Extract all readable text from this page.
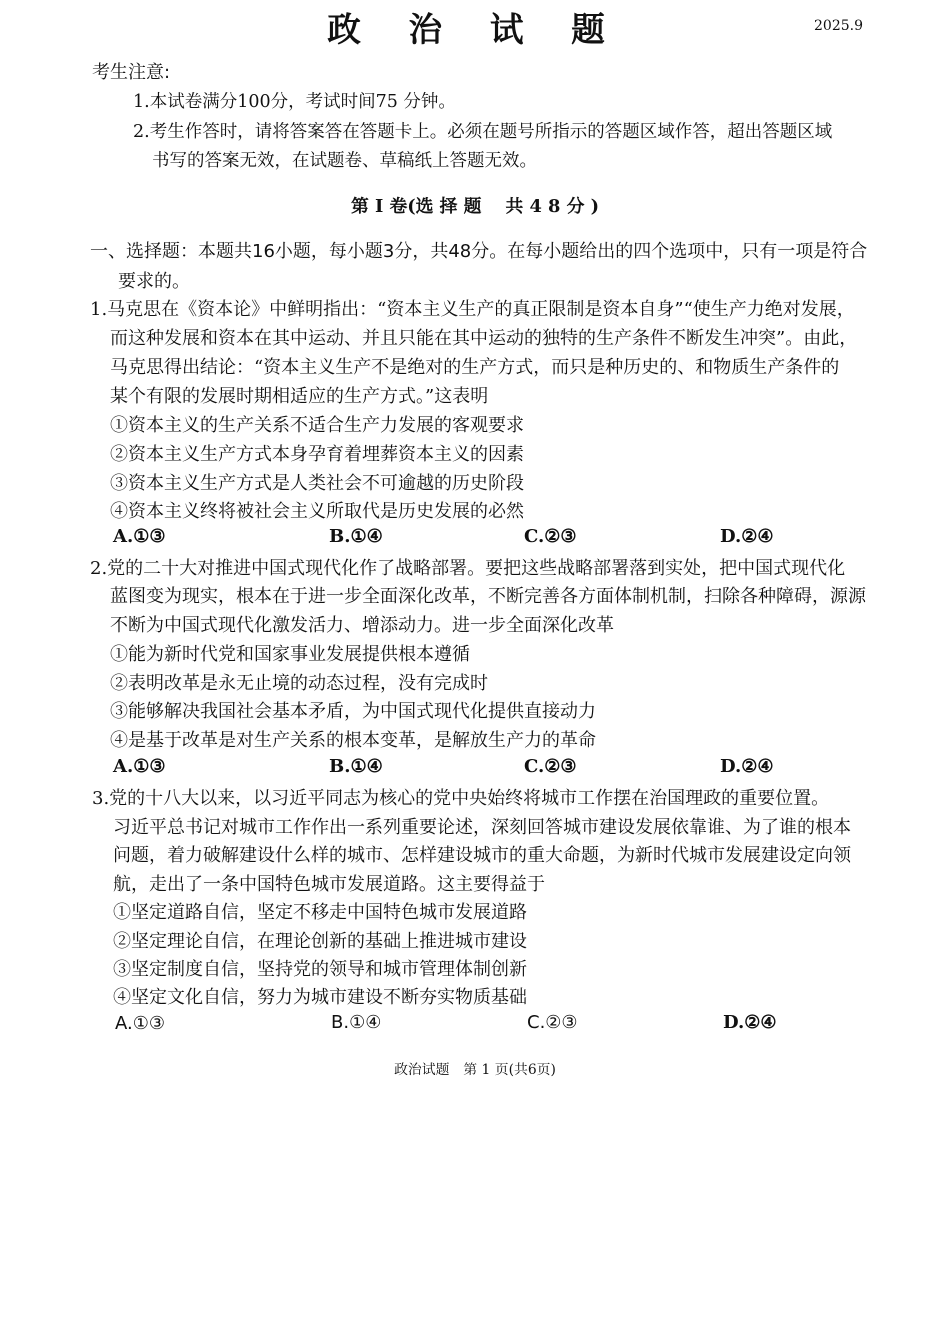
政 治 试 题	2025.9
考生注意:
1.本试卷满分100分，考试时间75 分钟。
2.考生作答时，请将答案答在答题卡上。必须在题号所指示的答题区域作答，超出答题区域
书写的答案无效，在试题卷、草稿纸上答题无效。
第 Ⅰ 卷(选 择 题　 共 4 8 分 )
一、选择题：本题共16小题，每小题3分，共48分。在每小题给出的四个选项中，只有一项是符合
要求的。
1.马克思在《资本论》中鲜明指出：“资本主义生产的真正限制是资本自身”“使生产力绝对发展，
而这种发展和资本在其中运动、并且只能在其中运动的独特的生产条件不断发生冲突”。由此，
马克思得出结论：“资本主义生产不是绝对的生产方式，而只是种历史的、和物质生产条件的
某个有限的发展时期相适应的生产方式。”这表明
①资本主义的生产关系不适合生产力发展的客观要求
②资本主义生产方式本身孕育着埋葬资本主义的因素
③资本主义生产方式是人类社会不可逾越的历史阶段
④资本主义终将被社会主义所取代是历史发展的必然
A.①③	B.①④	C.②③	D.②④
2.党的二十大对推进中国式现代化作了战略部署。要把这些战略部署落到实处，把中国式现代化
蓝图变为现实，根本在于进一步全面深化改革，不断完善各方面体制机制，扫除各种障碍，源源
不断为中国式现代化激发活力、增添动力。进一步全面深化改革
①能为新时代党和国家事业发展提供根本遵循
②表明改革是永无止境的动态过程，没有完成时
③能够解决我国社会基本矛盾，为中国式现代化提供直接动力
④是基于改革是对生产关系的根本变革，是解放生产力的革命
A.①③	B.①④	C.②③	D.②④
3.党的十八大以来，以习近平同志为核心的党中央始终将城市工作摆在治国理政的重要位置。
习近平总书记对城市工作作出一系列重要论述，深刻回答城市建设发展依靠谁、为了谁的根本
问题，着力破解建设什么样的城市、怎样建设城市的重大命题，为新时代城市发展建设定向领
航，走出了一条中国特色城市发展道路。这主要得益于
①坚定道路自信，坚定不移走中国特色城市发展道路
②坚定理论自信，在理论创新的基础上推进城市建设
③坚定制度自信，坚持党的领导和城市管理体制创新
④坚定文化自信，努力为城市建设不断夯实物质基础
A.①③	B.①④	C.②③	D.②④
政治试题　第 1 页(共6页)
